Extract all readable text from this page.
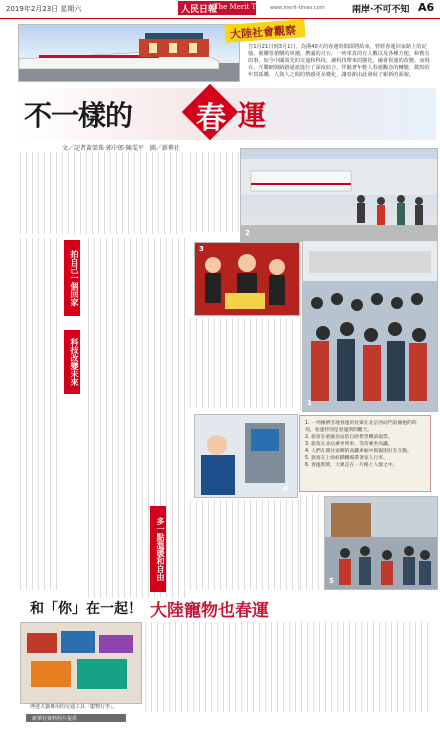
2019年2月23日 星期六	人民日報
The Merit Times
www.merit-times.com	兩岸·不可不知 A6
大陸社會觀察
自1月21日到3月1日，為期40天的春運時間即將結束，曾經春運回家路上的記憶，被購票搶購的車潮，擠滿的月台，一列車真的有人數以及各種方便，和舊有的事，如今中國領先的交通和科技，讓科技帶來的變化，融會貫通的改變。而現在，互聯網與路路通訊進行了深度結合，伴隨著年輕人春運觀念的轉變，微短的年貨採購，人與人之間的情感更多變化，讓春節由此發展了嶄新的面貌。
不一樣的 春 運
文／記者黃榮珠‧郭中郎‧陳雯平　圖／新華社
拍自己一個回家
科技改變未來
多一點溫暖和自由
2
3
1
4
1. 一列擁擠雪地春運的民眾在北京西站門前擁抱的時刻，春運特別是春運期間觀天。
2. 旅客在重慶北站的自助售票機前取票。
3. 旅客在北站乘坐列車，等待乘坐高鐵。
4. 人們在開往家鄉的高鐵車廂中與親朋好友互動。
5. 旅客在上海虹橋機場帶著家人行李。
6. 春運期間，大眾走在一片路上人群之中。
5
和「你」在一起！ 大陸寵物也春運
博達犬貓專用的交通工具「寵物行李」。
新華社資料照片提供
